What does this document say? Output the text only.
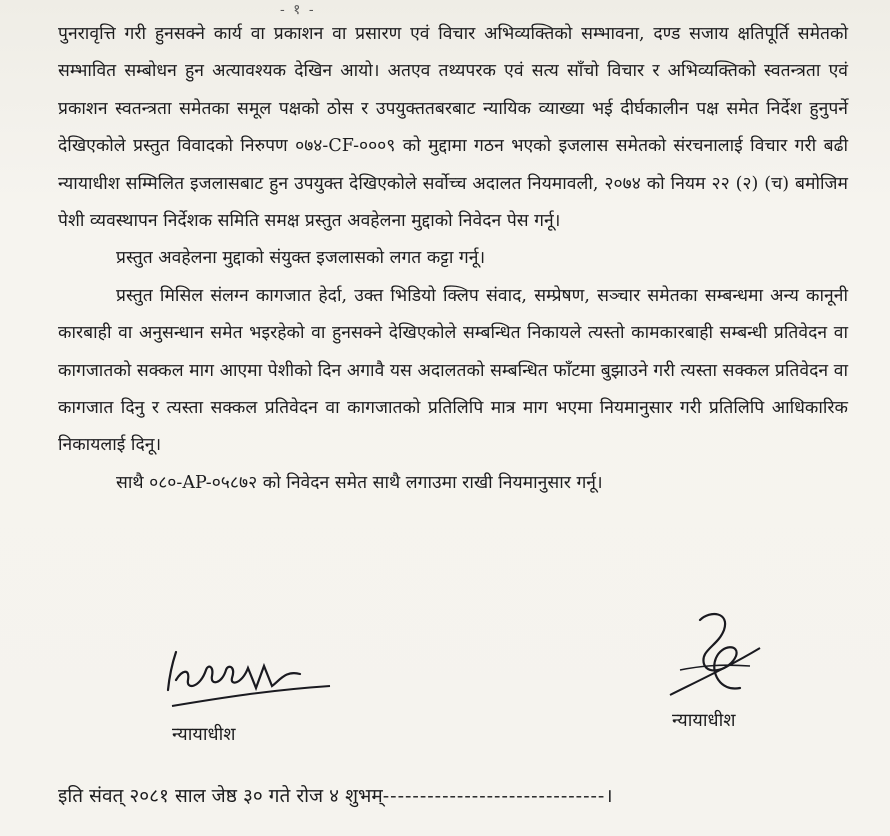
- १ -

पुनरावृत्ति गरी हुनसक्ने कार्य वा प्रकाशन वा प्रसारण एवं विचार अभिव्यक्तिको सम्भावना, दण्ड सजाय क्षतिपूर्ति समेतको सम्भावित सम्बोधन हुन अत्यावश्यक देखिन आयो। अतएव तथ्यपरक एवं सत्य साँचो विचार र अभिव्यक्तिको स्वतन्त्रता एवं प्रकाशन स्वतन्त्रता समेतका समूल पक्षको ठोस र उपयुक्ततबरबाट न्यायिक व्याख्या भई दीर्घकालीन पक्ष समेत निर्देश हुनुपर्ने देखिएकोले प्रस्तुत विवादको निरुपण ०७४-CF-०००९ को मुद्दामा गठन भएको इजलास समेतको संरचनालाई विचार गरी बढी न्यायाधीश सम्मिलित इजलासबाट हुन उपयुक्त देखिएकोले सर्वोच्च अदालत नियमावली, २०७४ को नियम २२ (२) (च) बमोजिम पेशी व्यवस्थापन निर्देशक समिति समक्ष प्रस्तुत अवहेलना मुद्दाको निवेदन पेस गर्नू।

प्रस्तुत अवहेलना मुद्दाको संयुक्त इजलासको लगत कट्टा गर्नू।

प्रस्तुत मिसिल संलग्न कागजात हेर्दा, उक्त भिडियो क्लिप संवाद, सम्प्रेषण, सञ्चार समेतका सम्बन्धमा अन्य कानूनी कारबाही वा अनुसन्धान समेत भइरहेको वा हुनसक्ने देखिएकोले सम्बन्धित निकायले त्यस्तो कामकारबाही सम्बन्धी प्रतिवेदन वा कागजातको सक्कल माग आएमा पेशीको दिन अगावै यस अदालतको सम्बन्धित फाँटमा बुझाउने गरी त्यस्ता सक्कल प्रतिवेदन वा कागजात दिनु र त्यस्ता सक्कल प्रतिवेदन वा कागजातको प्रतिलिपि मात्र माग भएमा नियमानुसार गरी प्रतिलिपि आधिकारिक निकायलाई दिनू।

साथै ०८०-AP-०५८७२ को निवेदन समेत साथै लगाउमा राखी नियमानुसार गर्नू।

न्यायाधीश
न्यायाधीश
इति संवत् २०८१ साल जेष्ठ ३० गते रोज ४ शुभम्------------------------------।
